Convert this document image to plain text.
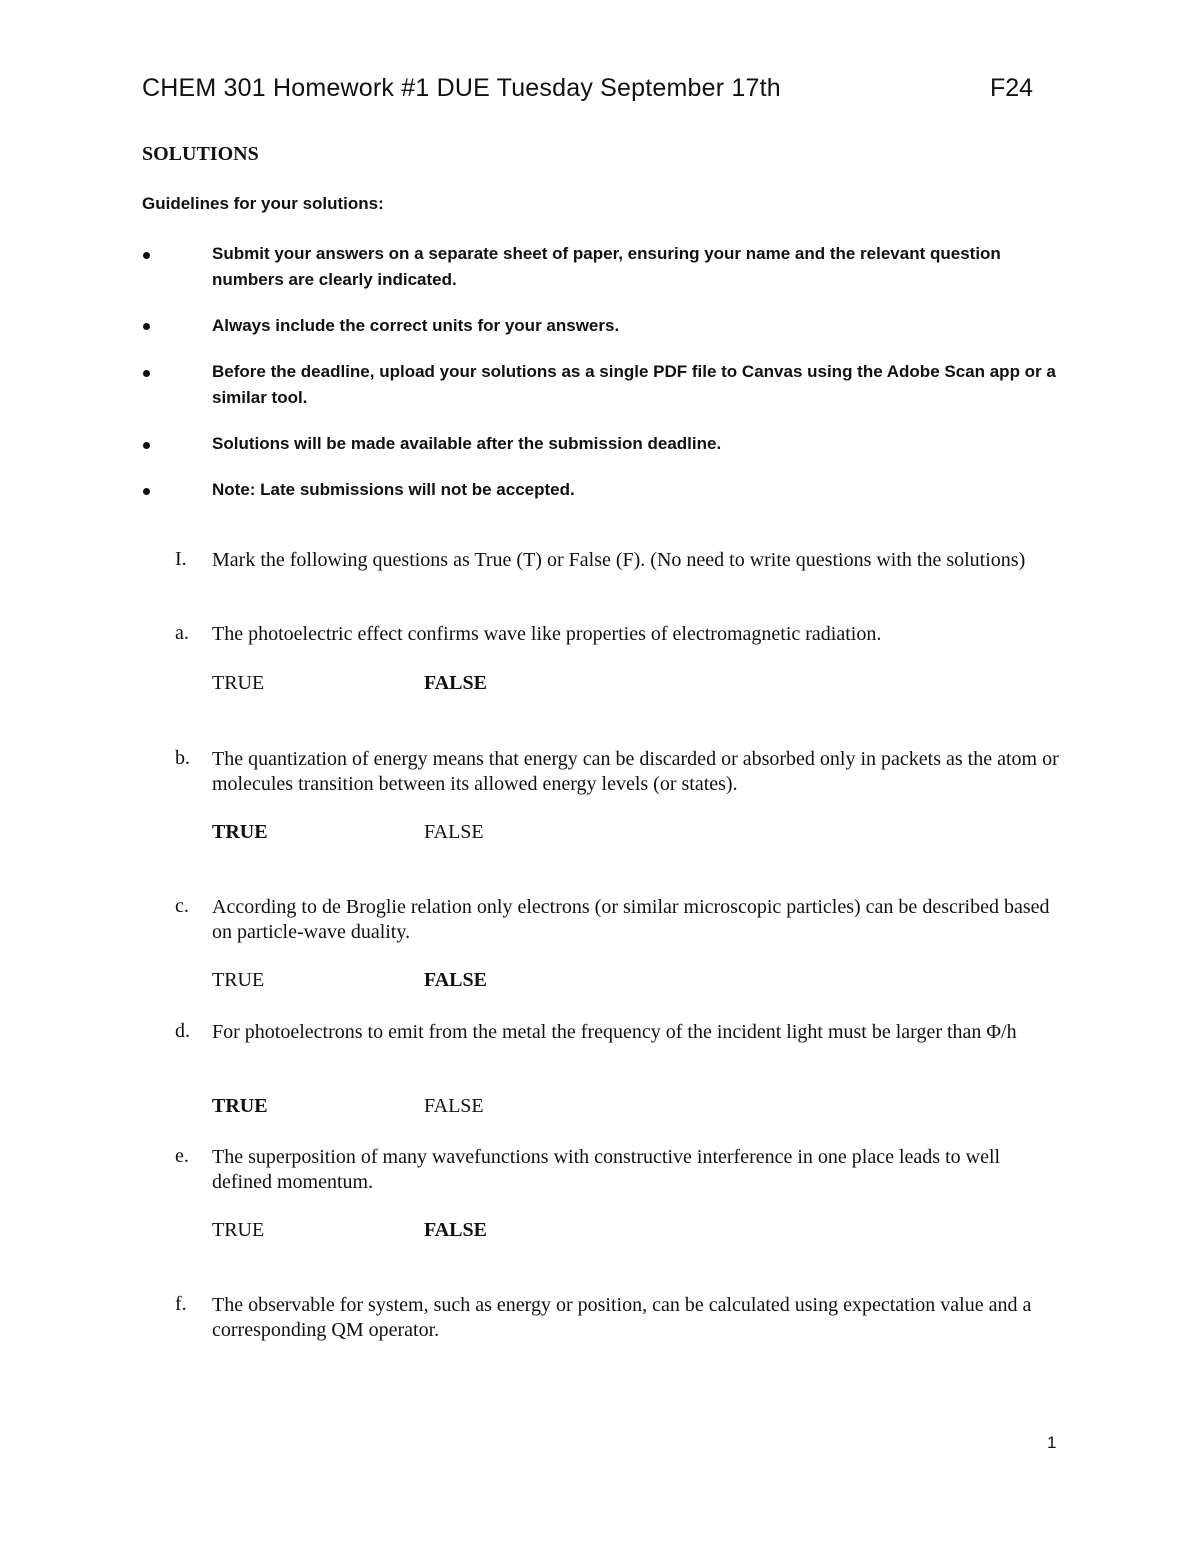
CHEM 301 Homework #1 DUE Tuesday September 17th	F24
SOLUTIONS
Guidelines for your solutions:
Submit your answers on a separate sheet of paper, ensuring your name and the relevant question numbers are clearly indicated.
Always include the correct units for your answers.
Before the deadline, upload your solutions as a single PDF file to Canvas using the Adobe Scan app or a similar tool.
Solutions will be made available after the submission deadline.
Note: Late submissions will not be accepted.
I. Mark the following questions as True (T) or False (F). (No need to write questions with the solutions)
a. The photoelectric effect confirms wave like properties of electromagnetic radiation.
TRUE	FALSE
b. The quantization of energy means that energy can be discarded or absorbed only in packets as the atom or molecules transition between its allowed energy levels (or states).
TRUE	FALSE
c. According to de Broglie relation only electrons (or similar microscopic particles) can be described based on particle-wave duality.
TRUE	FALSE
d. For photoelectrons to emit from the metal the frequency of the incident light must be larger than Φ/h
TRUE	FALSE
e. The superposition of many wavefunctions with constructive interference in one place leads to well defined momentum.
TRUE	FALSE
f. The observable for system, such as energy or position, can be calculated using expectation value and a corresponding QM operator.
1
